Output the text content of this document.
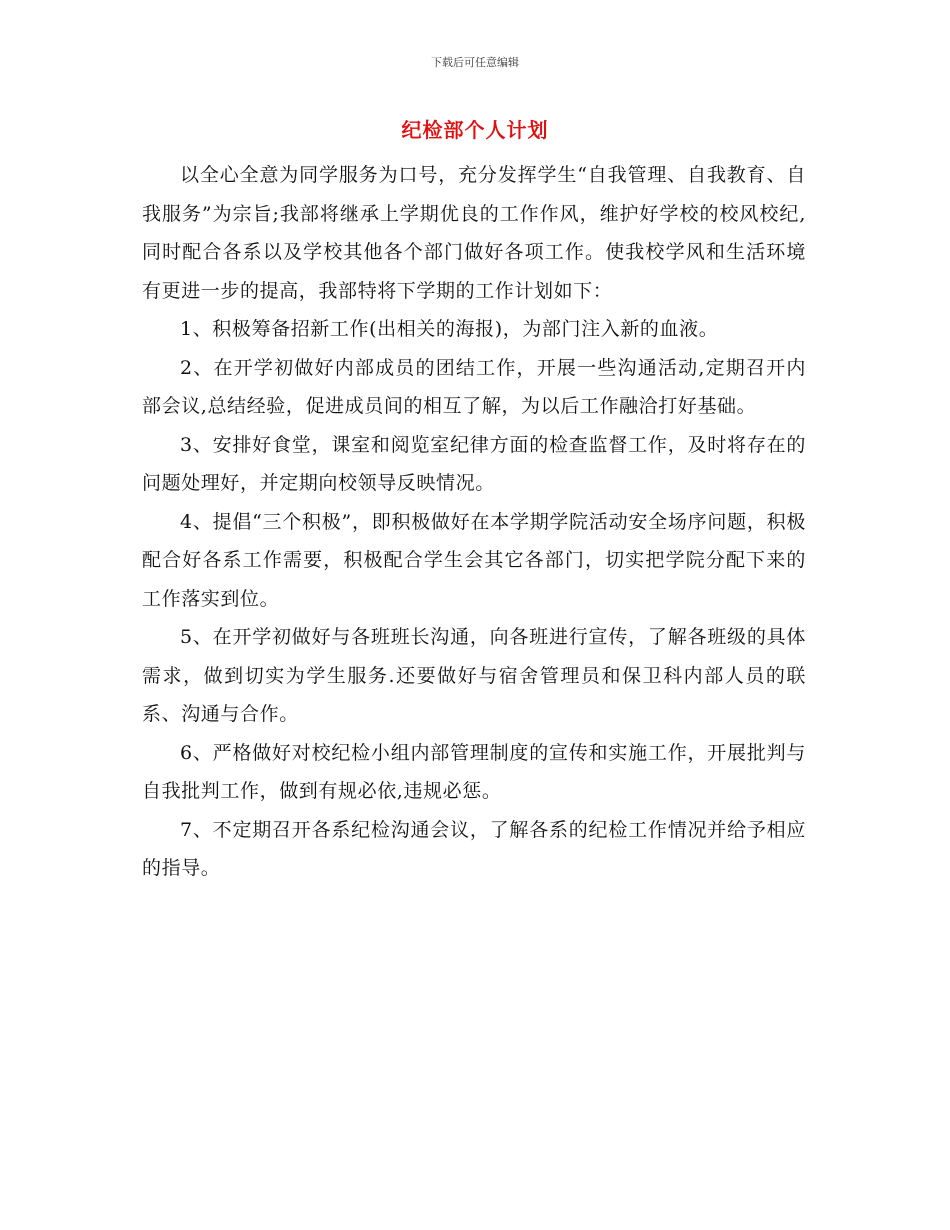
下载后可任意编辑
纪检部个人计划

以全心全意为同学服务为口号，充分发挥学生“自我管理、自我教育、自我服务”为宗旨;我部将继承上学期优良的工作作风，维护好学校的校风校纪,同时配合各系以及学校其他各个部门做好各项工作。使我校学风和生活环境有更进一步的提高，我部特将下学期的工作计划如下：

1、积极筹备招新工作(出相关的海报)，为部门注入新的血液。

2、在开学初做好内部成员的团结工作，开展一些沟通活动,定期召开内部会议,总结经验，促进成员间的相互了解，为以后工作融洽打好基础。

3、安排好食堂，课室和阅览室纪律方面的检查监督工作，及时将存在的问题处理好，并定期向校领导反映情况。

4、提倡“三个积极”，即积极做好在本学期学院活动安全场序问题，积极配合好各系工作需要，积极配合学生会其它各部门，切实把学院分配下来的工作落实到位。

5、在开学初做好与各班班长沟通，向各班进行宣传，了解各班级的具体需求，做到切实为学生服务.还要做好与宿舍管理员和保卫科内部人员的联系、沟通与合作。

6、严格做好对校纪检小组内部管理制度的宣传和实施工作，开展批判与自我批判工作，做到有规必依,违规必惩。

7、不定期召开各系纪检沟通会议，了解各系的纪检工作情况并给予相应的指导。
